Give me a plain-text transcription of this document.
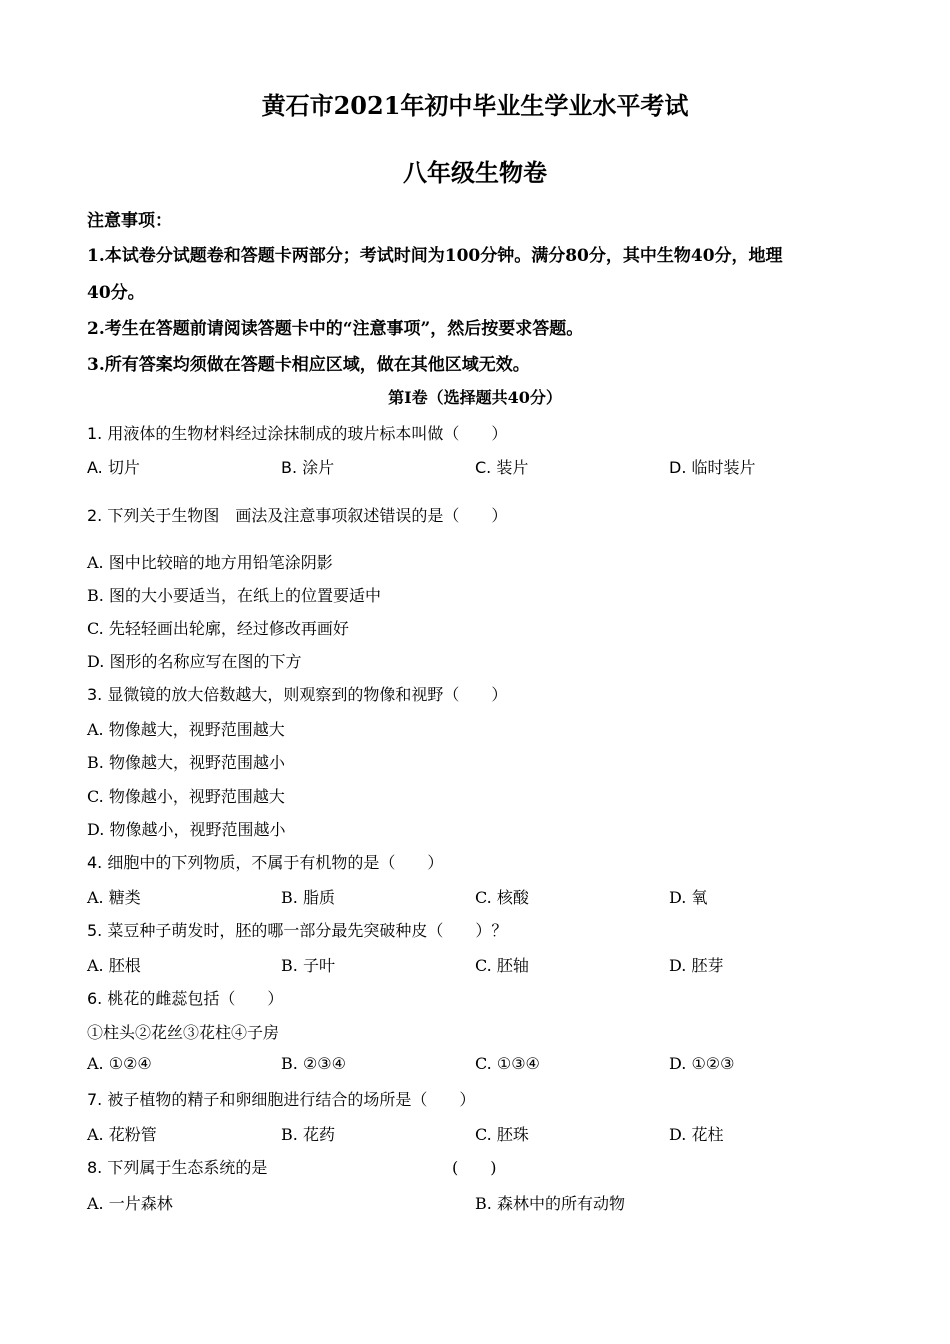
黄石市2021年初中毕业生学业水平考试
八年级生物卷
注意事项：
1.本试卷分试题卷和答题卡两部分；考试时间为100分钟。满分80分，其中生物40分，地理
40分。
2.考生在答题前请阅读答题卡中的“注意事项”，然后按要求答题。
3.所有答案均须做在答题卡相应区域，做在其他区域无效。
第Ⅰ卷（选择题共40分）
1. 用液体的生物材料经过涂抹制成的玻片标本叫做（　　）
A. 切片	B. 涂片	C. 装片	D. 临时装片
2. 下列关于生物图　画法及注意事项叙述错误的是（　　）
A. 图中比较暗的地方用铅笔涂阴影
B. 图的大小要适当，在纸上的位置要适中
C. 先轻轻画出轮廓，经过修改再画好
D. 图形的名称应写在图的下方
3. 显微镜的放大倍数越大，则观察到的物像和视野（　　）
A. 物像越大，视野范围越大
B. 物像越大，视野范围越小
C. 物像越小，视野范围越大
D. 物像越小，视野范围越小
4. 细胞中的下列物质，不属于有机物的是（　　）
A. 糖类	B. 脂质	C. 核酸	D. 氧
5. 菜豆种子萌发时，胚的哪一部分最先突破种皮（　　）？
A. 胚根	B. 子叶	C. 胚轴	D. 胚芽
6. 桃花的雌蕊包括（　　）
①柱头②花丝③花柱④子房
A. ①②④	B. ②③④	C. ①③④	D. ①②③
7. 被子植物的精子和卵细胞进行结合的场所是（　　）
A. 花粉管	B. 花药	C. 胚珠	D. 花柱
8. 下列属于生态系统的是	(　　)
A. 一片森林	B. 森林中的所有动物
